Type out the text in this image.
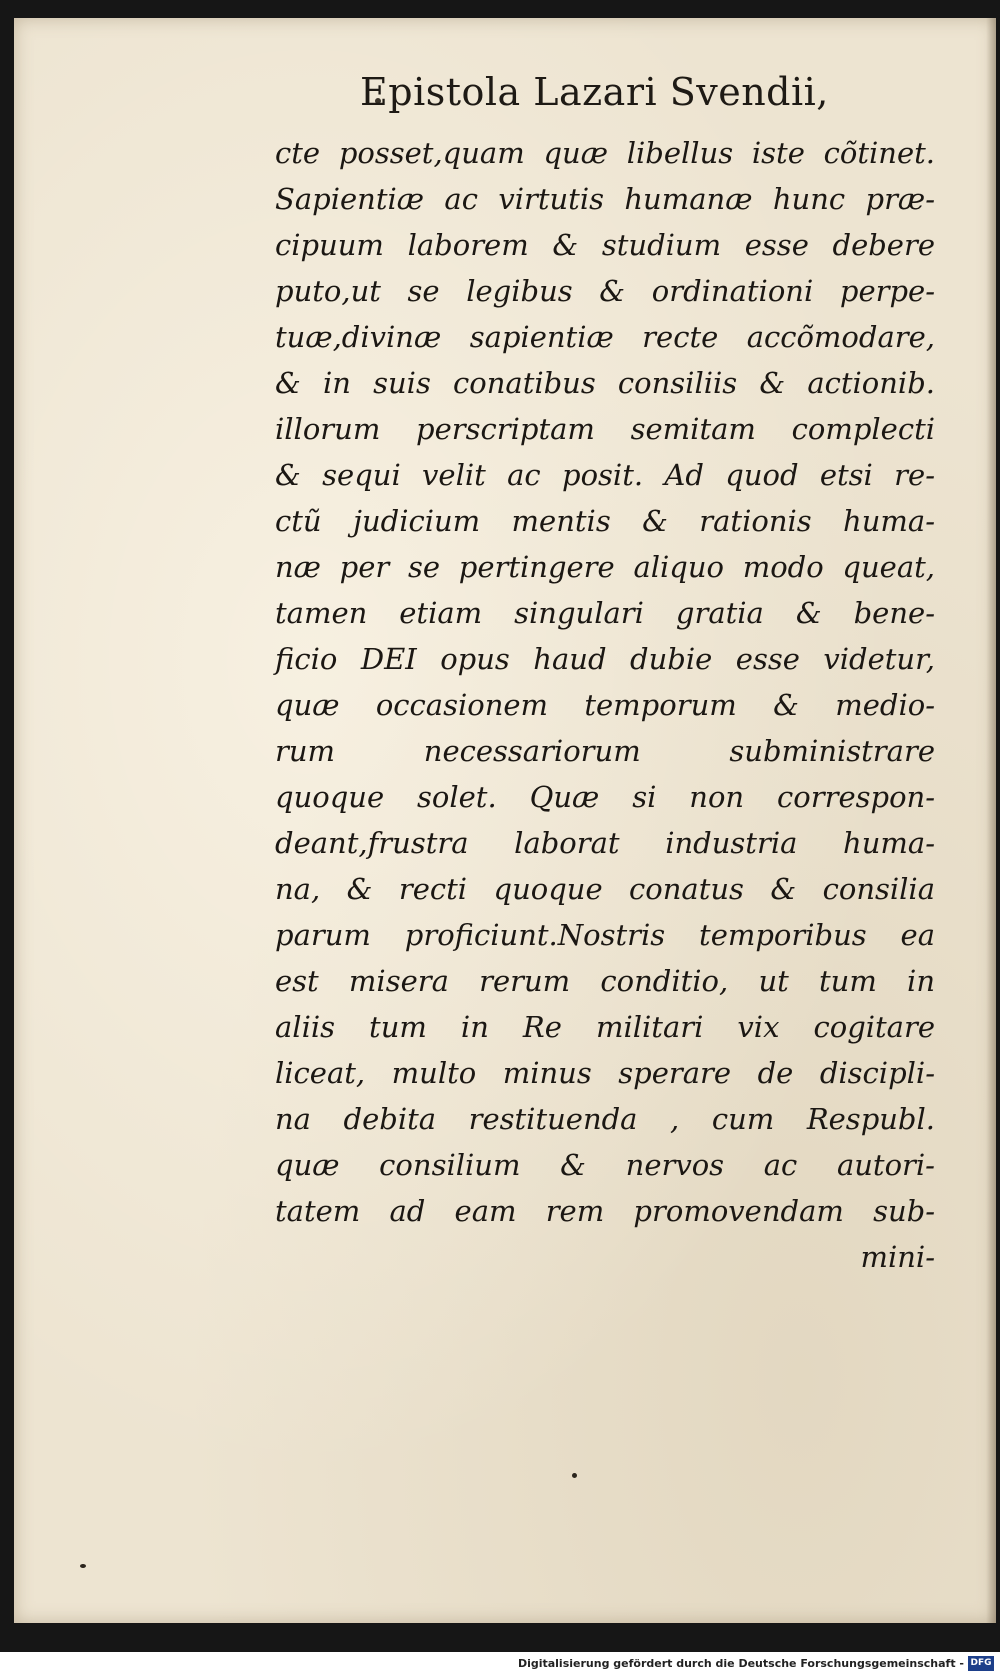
Epistola Lazari Svendii,
cte posset,quam quæ libellus iste cõtinet.
Sapientiæ ac virtutis humanæ hunc præ-
cipuum laborem & studium esse debere
puto,ut se legibus & ordinationi perpe-
tuæ,divinæ sapientiæ recte accõmodare,
& in suis conatibus consiliis & actionib.
illorum perscriptam semitam complecti
& sequi velit ac posit. Ad quod etsi re-
ctũ judicium mentis & rationis huma-
næ per se pertingere aliquo modo queat,
tamen etiam singulari gratia & bene-
ficio DEI opus haud dubie esse videtur,
quæ occasionem temporum & medio-
rum necessariorum subministrare
quoque solet. Quæ si non correspon-
deant,frustra laborat industria huma-
na, & recti quoque conatus & consilia
parum proficiunt.Nostris temporibus ea
est misera rerum conditio, ut tum in
aliis tum in Re militari vix cogitare
liceat, multo minus sperare de discipli-
na debita restituenda , cum Respubl.
quæ consilium & nervos ac autori-
tatem ad eam rem promovendam sub-
mini-
Digitalisierung gefördert durch die Deutsche Forschungsgemeinschaft - DFG
